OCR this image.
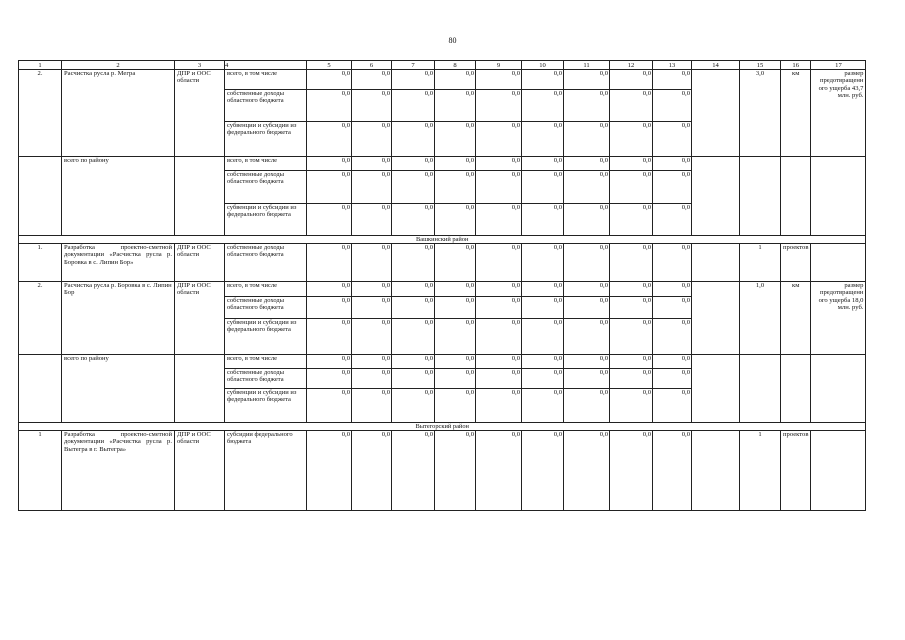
80
1	2	3	4	5	6	7	8	9	10	11	12	13	14	15	16	17
2.	Расчистка русла р. Мегра	ДПР и ООС области	всего, в том числе	0,0	0,0	0,0	0,0	0,0	0,0	0,0	0,0	0,0		3,0	км	размер предотвращенн ого ущерба 43,7 млн. руб.
			собственные доходы областного бюджета	0,0	0,0	0,0	0,0	0,0	0,0	0,0	0,0	0,0				
			субвенции и субсидии из федерального бюджета	0,0	0,0	0,0	0,0	0,0	0,0	0,0	0,0	0,0				
	всего по району		всего, в том числе	0,0	0,0	0,0	0,0	0,0	0,0	0,0	0,0	0,0				
			собственные доходы областного бюджета	0,0	0,0	0,0	0,0	0,0	0,0	0,0	0,0	0,0				
			субвенции и субсидии из федерального бюджета	0,0	0,0	0,0	0,0	0,0	0,0	0,0	0,0	0,0				
Вашкинский район																
1.	Разработка проектно-сметной документации «Расчистка русла р. Боровка в с. Липин Бор»	ДПР и ООС области	собственные доходы областного бюджета	0,0	0,0	0,0	0,0	0,0	0,0	0,0	0,0	0,0		1	проектов	
2.	Расчистка русла р. Боровка в с. Липин Бор	ДПР и ООС области	всего, в том числе	0,0	0,0	0,0	0,0	0,0	0,0	0,0	0,0	0,0		1,0	км	размер предотвращенн ого ущерба 18,0 млн. руб.
			собственные доходы областного бюджета	0,0	0,0	0,0	0,0	0,0	0,0	0,0	0,0	0,0				
			субвенции и субсидии из федерального бюджета	0,0	0,0	0,0	0,0	0,0	0,0	0,0	0,0	0,0				
	всего по району		всего, в том числе	0,0	0,0	0,0	0,0	0,0	0,0	0,0	0,0	0,0				
			собственные доходы областного бюджета	0,0	0,0	0,0	0,0	0,0	0,0	0,0	0,0	0,0				
			субвенции и субсидии из федерального бюджета	0,0	0,0	0,0	0,0	0,0	0,0	0,0	0,0	0,0				
Вытегорский район																
1	Разработка проектно-сметной документации «Расчистка русла р. Вытегра в г. Вытегра»	ДПР и ООС области	субсидии федерального бюджета	0,0	0,0	0,0	0,0	0,0	0,0	0,0	0,0	0,0		1	проектов	
